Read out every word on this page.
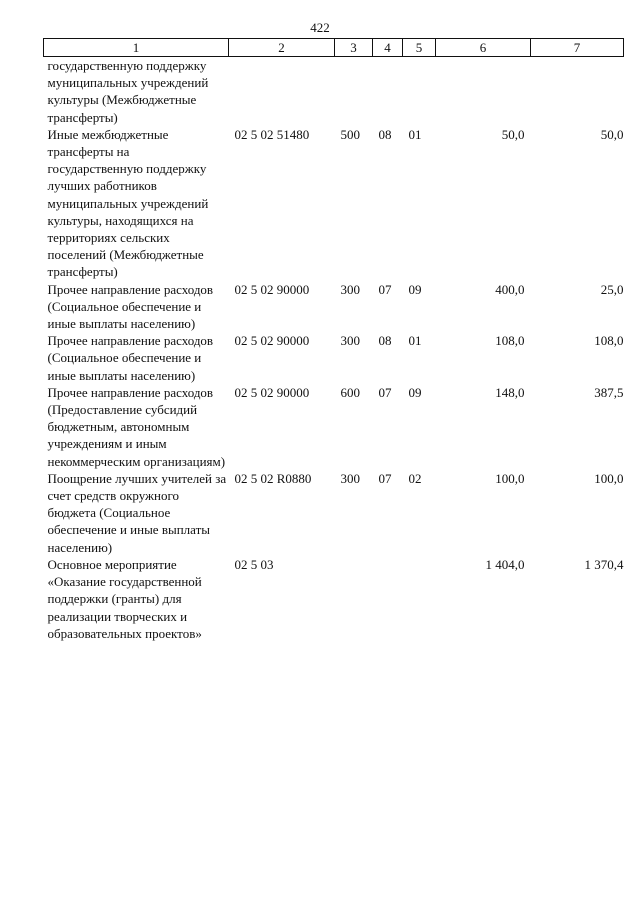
422
1	2	3	4	5	6	7
государственную поддержку муниципальных учреждений культуры (Межбюджетные трансферты)						
Иные межбюджетные трансферты на государственную поддержку лучших работников муниципальных учреждений культуры, находящихся на территориях сельских поселений (Межбюджетные трансферты)	02 5 02 51480	500	08	01	50,0	50,0
Прочее направление расходов (Социальное обеспечение и иные выплаты населению)	02 5 02 90000	300	07	09	400,0	25,0
Прочее направление расходов (Социальное обеспечение и иные выплаты населению)	02 5 02 90000	300	08	01	108,0	108,0
Прочее направление расходов (Предоставление субсидий бюджетным, автономным учреждениям и иным некоммерческим организациям)	02 5 02 90000	600	07	09	148,0	387,5
Поощрение лучших учителей за счет средств окружного бюджета (Социальное обеспечение и иные выплаты населению)	02 5 02 R0880	300	07	02	100,0	100,0
Основное мероприятие «Оказание государственной поддержки (гранты) для реализации творческих и образовательных проектов»	02 5 03				1 404,0	1 370,4
